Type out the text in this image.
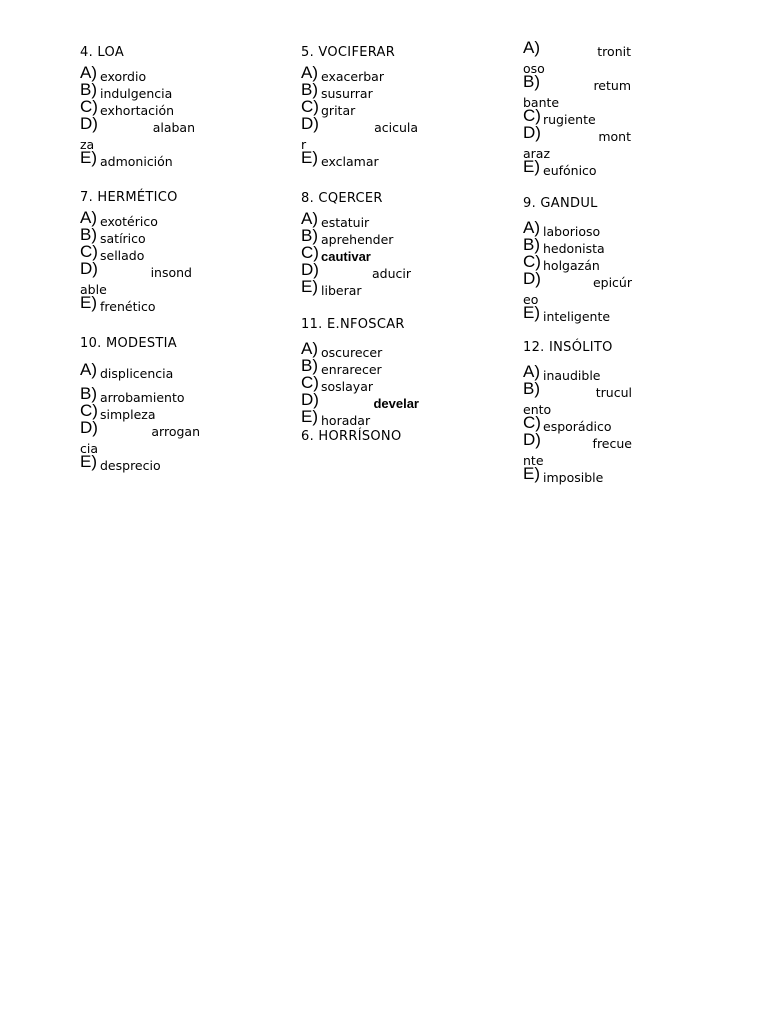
4. LOA
A) exordio
B) indulgencia
C) exhortación
D)	alaban
za
E) admonición
7. HERMÉTICO
A) exotérico
B) satírico
C) sellado
D)	insond
able
E) frenético
10. MODESTIA
A) displicencia
B) arrobamiento
C) simpleza
D)	arrogan
cia
E) desprecio
5. VOCIFERAR
A) exacerbar
B) susurrar
C) gritar
D)	acicula
r
E) exclamar
8. CQERCER
A) estatuir
B) aprehender
C) cautivar
D)	aducir
E) liberar
11. E.NFOSCAR
A) oscurecer
B) enrarecer
C) soslayar
D)	develar
E) horadar
6. HORRÍSONO
A)	tronit
oso
B)	retum
bante
C) rugiente
D)	mont
araz
E) eufónico
9. GANDUL
A) laborioso
B) hedonista
C) holgazán
D)	epicúr
eo
E) inteligente
12. INSÓLITO
A) inaudible
B)	trucul
ento
C) esporádico
D)	frecue
nte
E) imposible
